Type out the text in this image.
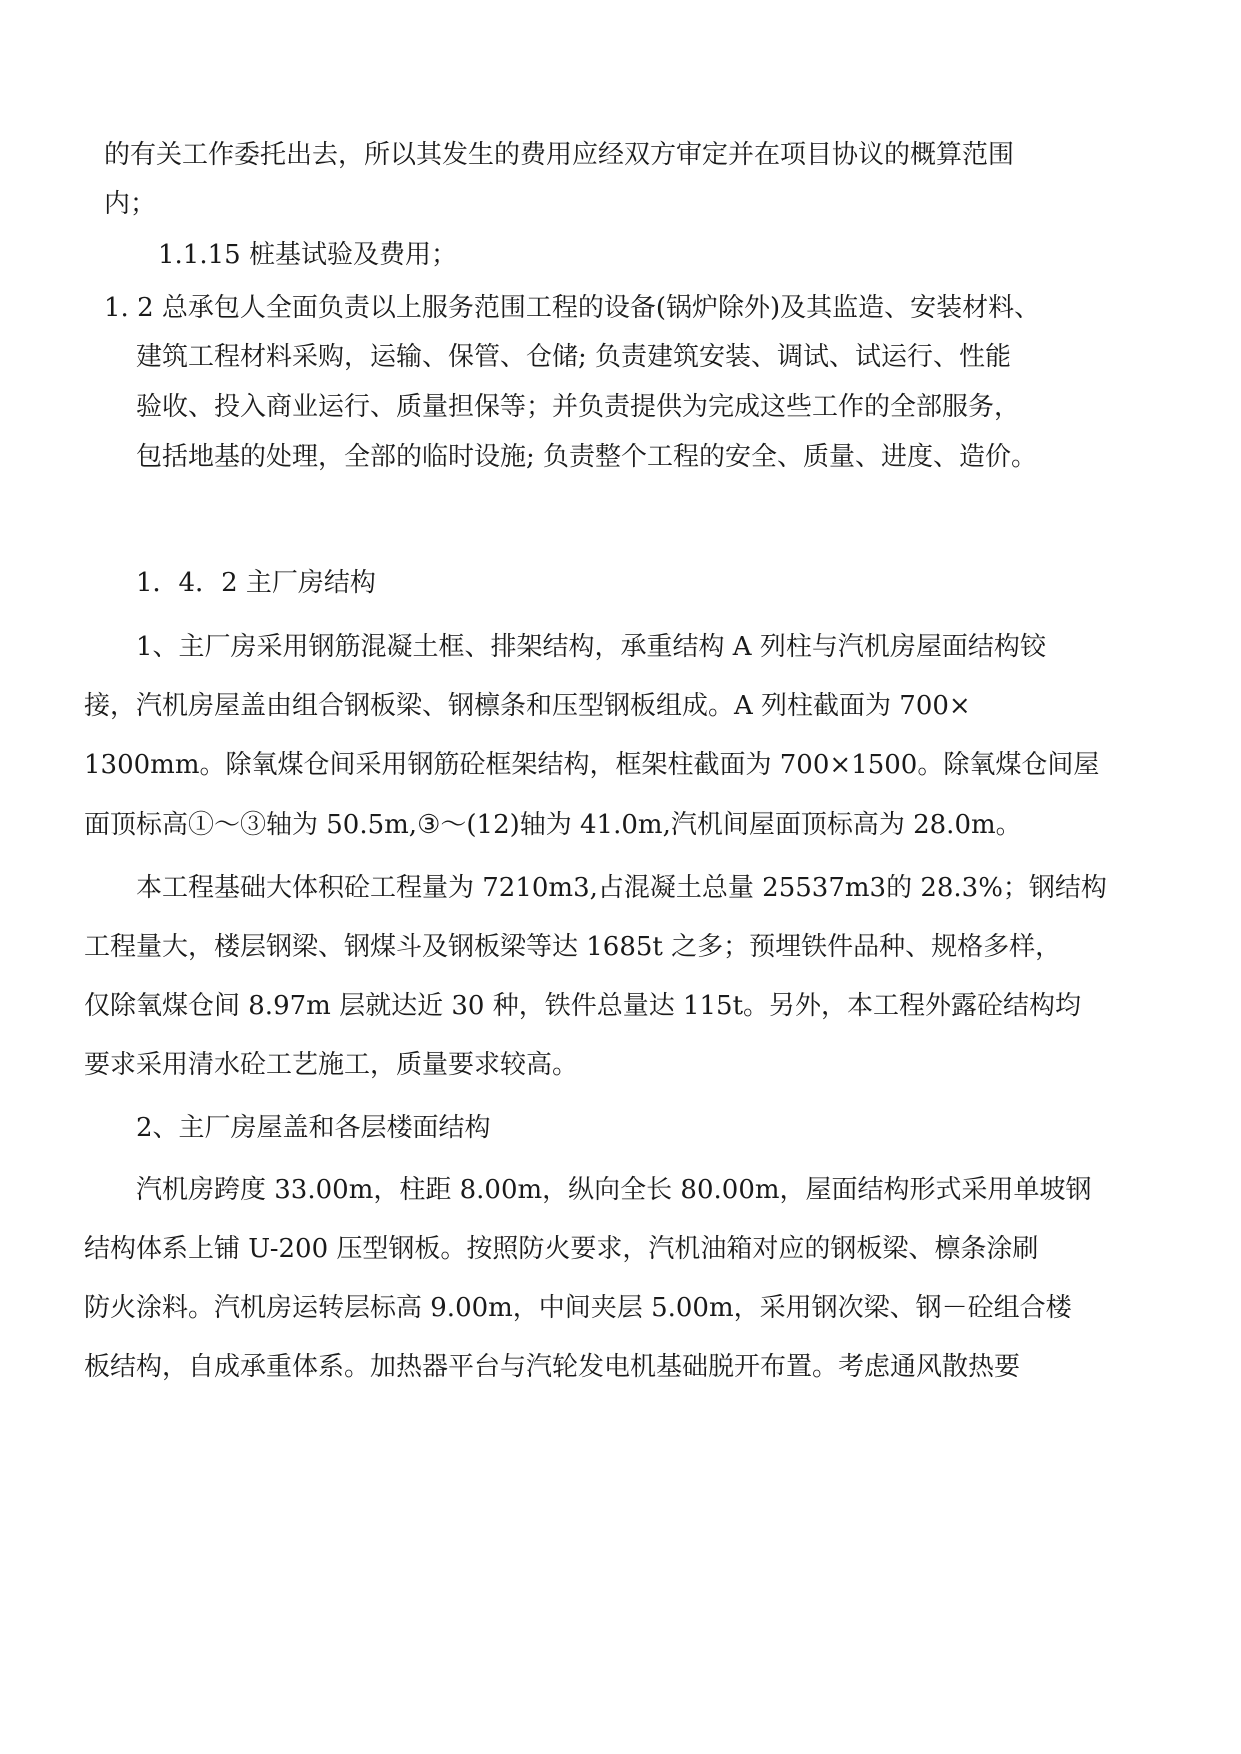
的有关工作委托出去，所以其发生的费用应经双方审定并在项目协议的概算范围
内；
1.1.15 桩基试验及费用；
1. 2 总承包人全面负责以上服务范围工程的设备(锅炉除外)及其监造、安装材料、
建筑工程材料采购，运输、保管、仓储; 负责建筑安装、调试、试运行、性能
验收、投入商业运行、质量担保等；并负责提供为完成这些工作的全部服务，
包括地基的处理，全部的临时设施; 负责整个工程的安全、质量、进度、造价。
1．4．2 主厂房结构
1、主厂房采用钢筋混凝土框、排架结构，承重结构 A 列柱与汽机房屋面结构铰
接，汽机房屋盖由组合钢板梁、钢檩条和压型钢板组成。A 列柱截面为 700×
1300mm。除氧煤仓间采用钢筋砼框架结构，框架柱截面为 700×1500。除氧煤仓间屋
面顶标高①～③轴为 50.5m,③～(12)轴为 41.0m,汽机间屋面顶标高为 28.0m。
本工程基础大体积砼工程量为 7210m3,占混凝土总量 25537m3的 28.3%；钢结构
工程量大，楼层钢梁、钢煤斗及钢板梁等达 1685t 之多；预埋铁件品种、规格多样，
仅除氧煤仓间 8.97m 层就达近 30 种，铁件总量达 115t。另外，本工程外露砼结构均
要求采用清水砼工艺施工，质量要求较高。
2、主厂房屋盖和各层楼面结构
汽机房跨度 33.00m，柱距 8.00m，纵向全长 80.00m，屋面结构形式采用单坡钢
结构体系上铺 U-200 压型钢板。按照防火要求，汽机油箱对应的钢板梁、檩条涂刷
防火涂料。汽机房运转层标高 9.00m，中间夹层 5.00m，采用钢次梁、钢－砼组合楼
板结构，自成承重体系。加热器平台与汽轮发电机基础脱开布置。考虑通风散热要
